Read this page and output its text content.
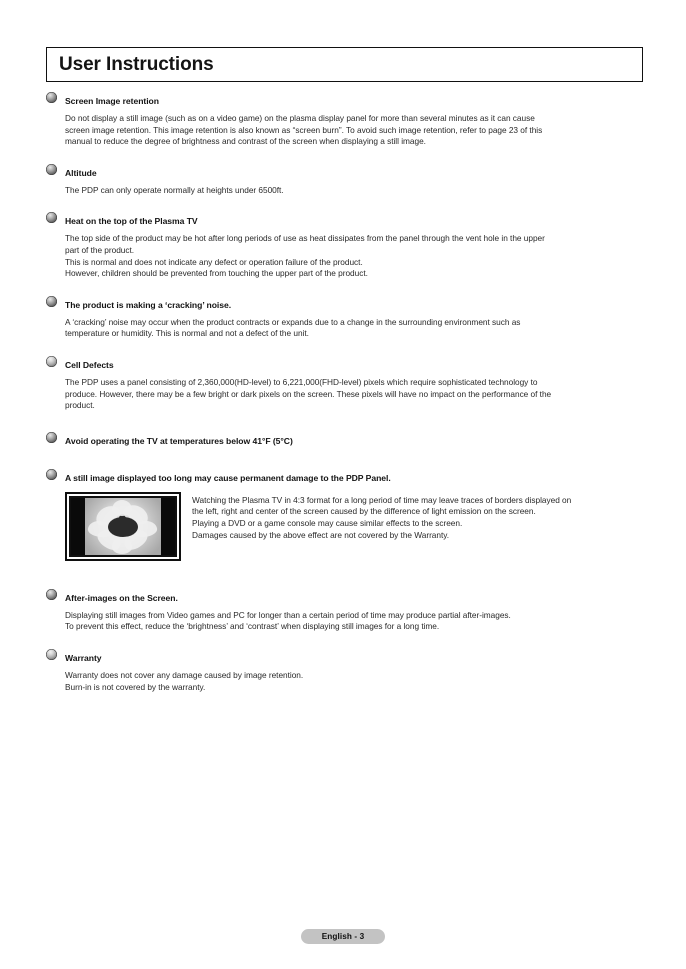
User Instructions
Screen Image retention
Do not display a still image (such as on a video game) on the plasma display panel for more than several minutes as it can cause
screen image retention. This image retention is also known as “screen burn”. To avoid such image retention, refer to page 23 of this
manual to reduce the degree of brightness and contrast of the screen when displaying a still image.
Altitude
The PDP can only operate normally at heights under 6500ft.
Heat on the top of the Plasma TV
The top side of the product may be hot after long periods of use as heat dissipates from the panel through the vent hole in the upper
part of the product.
This is normal and does not indicate any defect or operation failure of the product.
However, children should be prevented from touching the upper part of the product.
The product is making a ‘cracking’ noise.
A ‘cracking’ noise may occur when the product contracts or expands due to a change in the surrounding environment such as
temperature or humidity. This is normal and not a defect of the unit.
Cell Defects
The PDP uses a panel consisting of 2,360,000(HD-level) to 6,221,000(FHD-level) pixels which require sophisticated technology to
produce. However, there may be a few bright or dark pixels on the screen. These pixels will have no impact on the performance of the
product.
Avoid operating the TV at temperatures below 41°F (5°C)
A still image displayed too long may cause permanent damage to the PDP Panel.
Watching the Plasma TV in 4:3 format for a long period of time may leave traces of borders displayed on
the left, right and center of the screen caused by the difference of light emission on the screen.
Playing a DVD or a game console may cause similar effects to the screen.
Damages caused by the above effect are not covered by the Warranty.
After-images on the Screen.
Displaying still images from Video games and PC for longer than a certain period of time may produce partial after-images.
To prevent this effect, reduce the ‘brightness’ and ‘contrast’ when displaying still images for a long time.
Warranty
Warranty does not cover any damage caused by image retention.
Burn-in is not covered by the warranty.
English - 3
